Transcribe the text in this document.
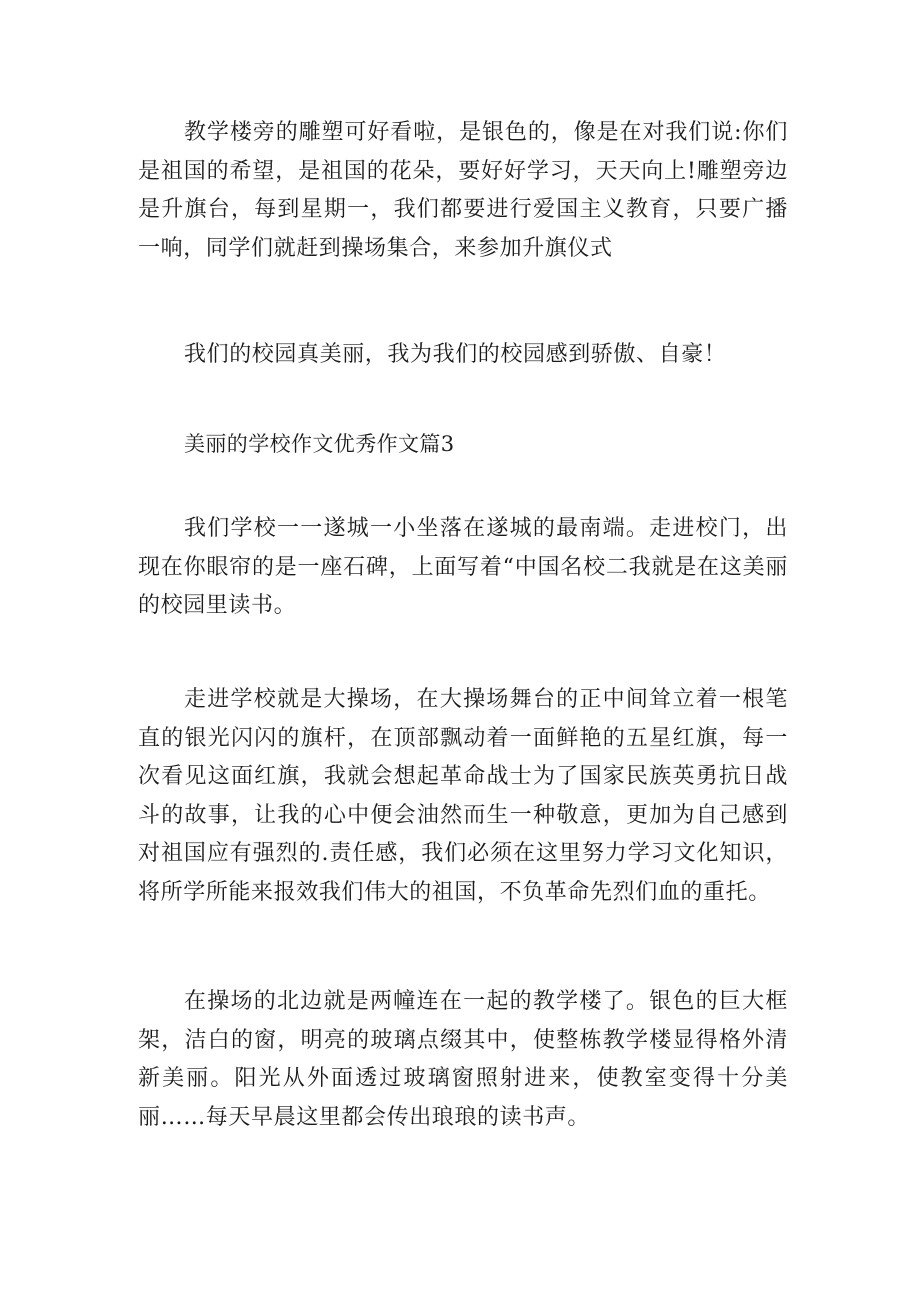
教学楼旁的雕塑可好看啦，是银色的，像是在对我们说:你们是祖国的希望，是祖国的花朵，要好好学习，天天向上!雕塑旁边是升旗台，每到星期一，我们都要进行爱国主义教育，只要广播一响，同学们就赶到操场集合，来参加升旗仪式

我们的校园真美丽，我为我们的校园感到骄傲、自豪！

美丽的学校作文优秀作文篇3

我们学校一一遂城一小坐落在遂城的最南端。走进校门，出现在你眼帘的是一座石碑，上面写着“中国名校二我就是在这美丽的校园里读书。

走进学校就是大操场，在大操场舞台的正中间耸立着一根笔直的银光闪闪的旗杆，在顶部飘动着一面鲜艳的五星红旗，每一次看见这面红旗，我就会想起革命战士为了国家民族英勇抗日战斗的故事，让我的心中便会油然而生一种敬意，更加为自己感到对祖国应有强烈的.责任感，我们必须在这里努力学习文化知识，将所学所能来报效我们伟大的祖国，不负革命先烈们血的重托。

在操场的北边就是两幢连在一起的教学楼了。银色的巨大框架，洁白的窗，明亮的玻璃点缀其中，使整栋教学楼显得格外清新美丽。阳光从外面透过玻璃窗照射进来，使教室变得十分美丽……每天早晨这里都会传出琅琅的读书声。
